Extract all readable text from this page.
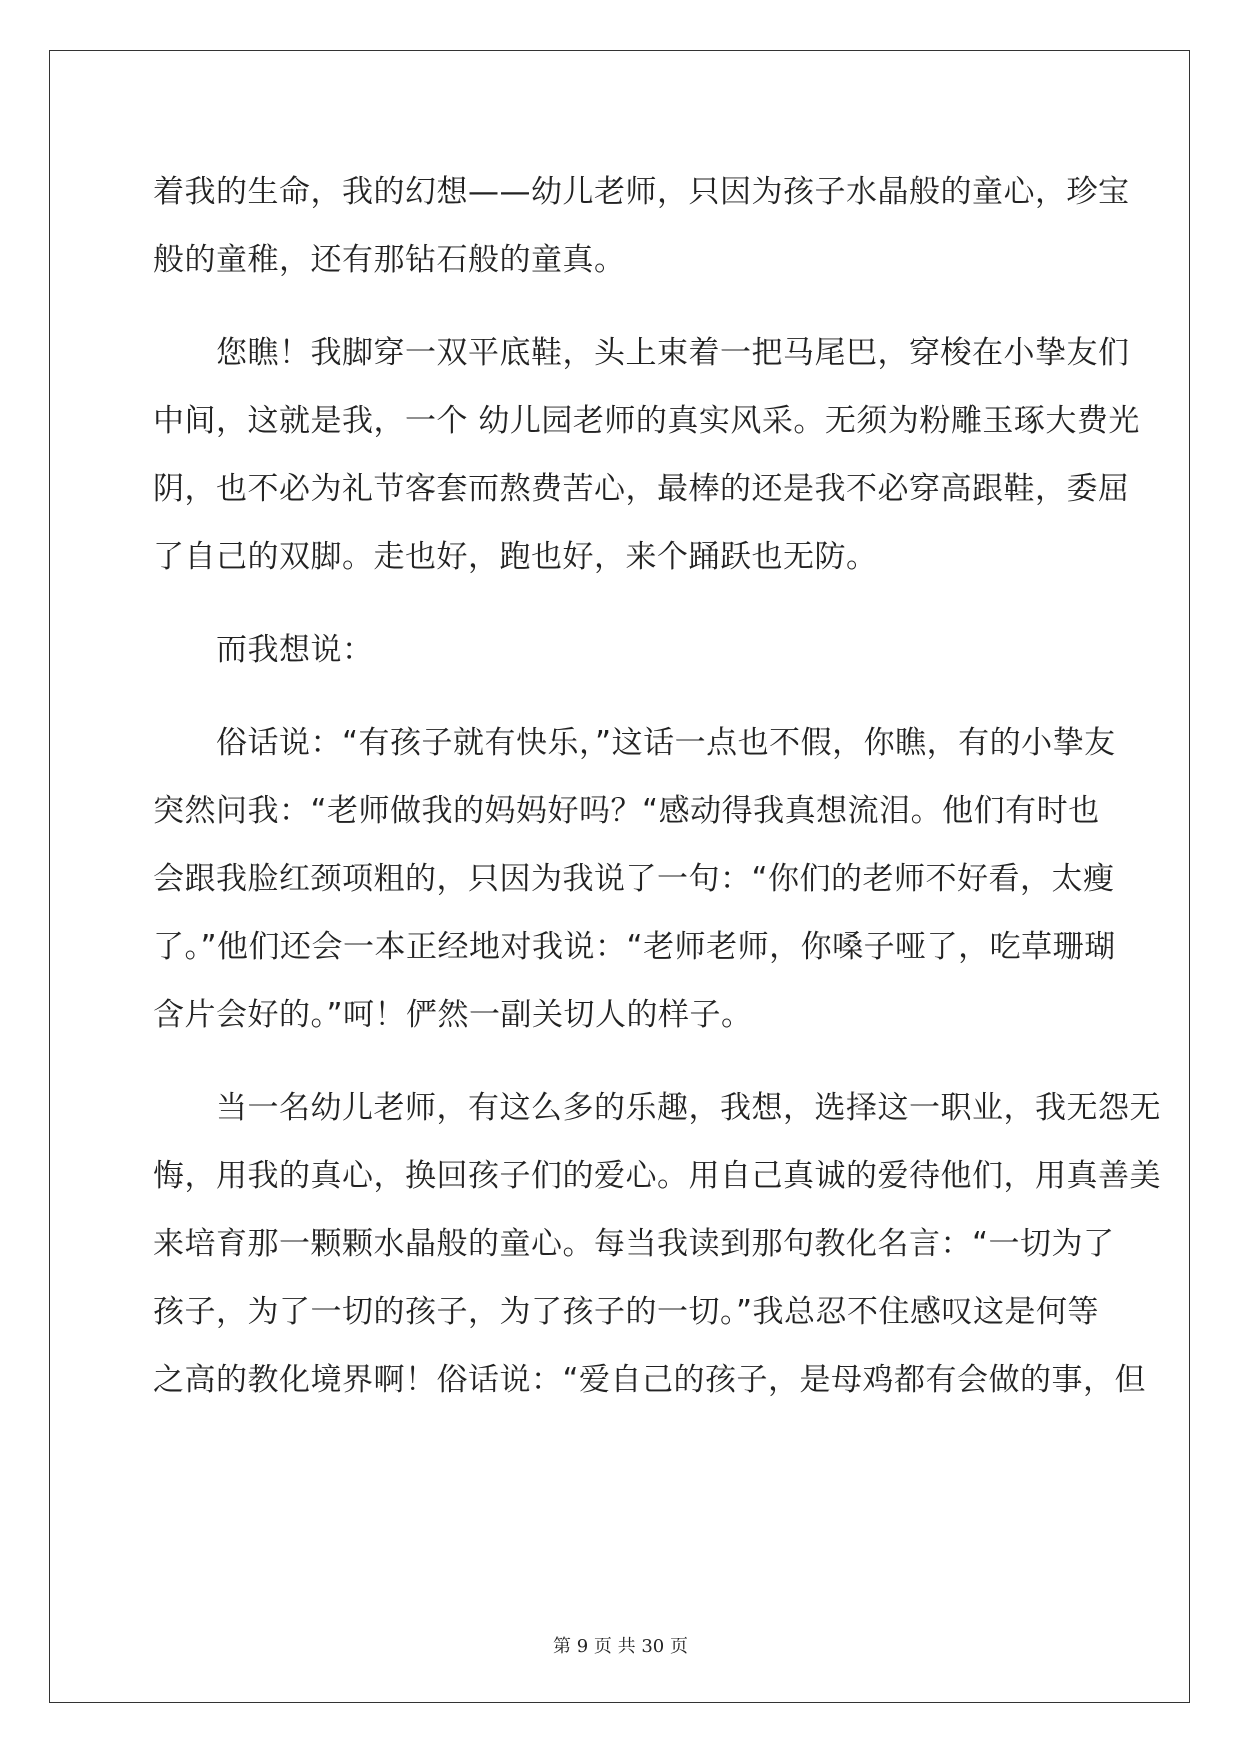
着我的生命，我的幻想——幼儿老师，只因为孩子水晶般的童心，珍宝
般的童稚，还有那钻石般的童真。
您瞧！我脚穿一双平底鞋，头上束着一把马尾巴，穿梭在小挚友们
中间，这就是我，一个 幼儿园老师的真实风采。无须为粉雕玉琢大费光
阴，也不必为礼节客套而熬费苦心，最棒的还是我不必穿高跟鞋，委屈
了自己的双脚。走也好，跑也好，来个踊跃也无防。
而我想说：
俗话说：“有孩子就有快乐，”这话一点也不假，你瞧，有的小挚友
突然问我：“老师做我的妈妈好吗？“感动得我真想流泪。他们有时也
会跟我脸红颈项粗的，只因为我说了一句：“你们的老师不好看，太瘦
了。”他们还会一本正经地对我说：“老师老师，你嗓子哑了，吃草珊瑚
含片会好的。”呵！俨然一副关切人的样子。
当一名幼儿老师，有这么多的乐趣，我想，选择这一职业，我无怨无
悔，用我的真心，换回孩子们的爱心。用自己真诚的爱待他们，用真善美
来培育那一颗颗水晶般的童心。每当我读到那句教化名言：“一切为了
孩子，为了一切的孩子，为了孩子的一切。”我总忍不住感叹这是何等
之高的教化境界啊！俗话说：“爱自己的孩子，是母鸡都有会做的事，但
第 9 页 共 30 页
